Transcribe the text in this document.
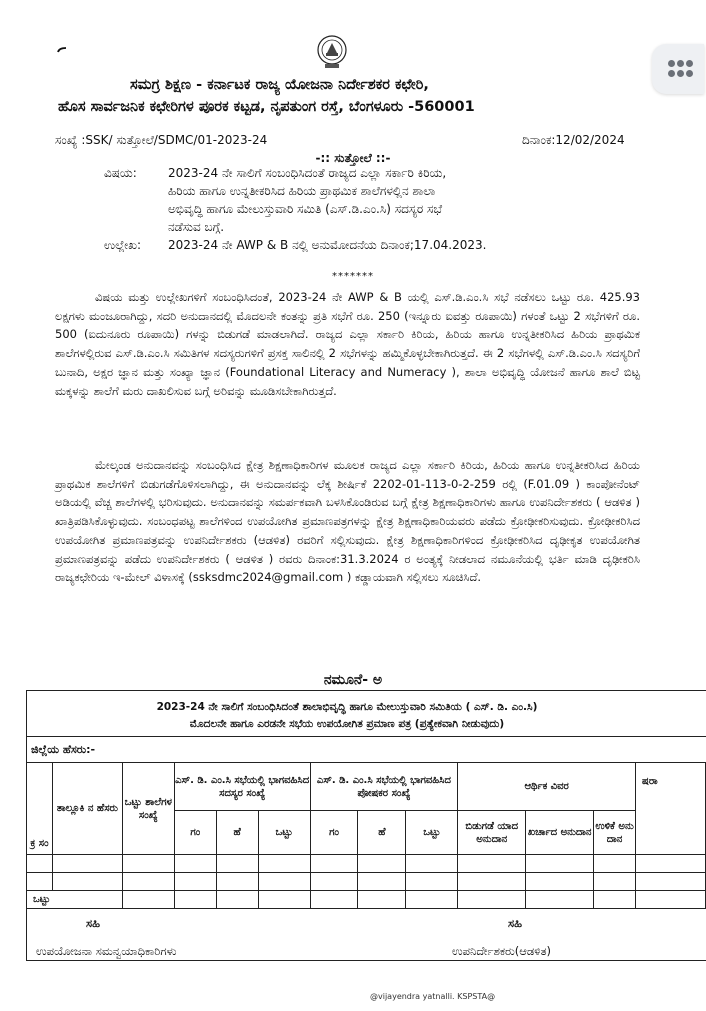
ಸಮಗ್ರ ಶಿಕ್ಷಣ - ಕರ್ನಾಟಕ ರಾಜ್ಯ ಯೋಜನಾ ನಿರ್ದೇಶಕರ ಕಛೇರಿ,
ಹೊಸ ಸಾರ್ವಜನಿಕ ಕಛೇರಿಗಳ ಪೂರಕ ಕಟ್ಟಡ, ನೃಪತುಂಗ ರಸ್ತೆ, ಬೆಂಗಳೂರು -560001
ಸಂಖ್ಯೆ :SSK/ ಸುತ್ತೋಲೆ/SDMC/01-2023-24	ದಿನಾಂಕ:12/02/2024
-:: ಸುತ್ತೋಲೆ ::-
ವಿಷಯ:	2023-24 ನೇ ಸಾಲಿಗೆ ಸಂಬಂಧಿಸಿದಂತೆ ರಾಜ್ಯದ ಎಲ್ಲಾ ಸರ್ಕಾರಿ ಕಿರಿಯ,
ಹಿರಿಯ ಹಾಗೂ ಉನ್ನತೀಕರಿಸಿದ ಹಿರಿಯ ಪ್ರಾಥಮಿಕ ಶಾಲೆಗಳಲ್ಲಿನ ಶಾಲಾ
ಅಭಿವೃದ್ಧಿ ಹಾಗೂ ಮೇಲುಸ್ತುವಾರಿ ಸಮಿತಿ (ಎಸ್.ಡಿ.ಎಂ.ಸಿ) ಸದಸ್ಯರ ಸಭೆ
ನಡೆಸುವ ಬಗ್ಗೆ.
ಉಲ್ಲೇಖ: 2023-24 ನೇ AWP & B ನಲ್ಲಿ ಅನುಮೋದನೆಯ ದಿನಾಂಕ;17.04.2023.
*******

ವಿಷಯ ಮತ್ತು ಉಲ್ಲೇಖಗಳಿಗೆ ಸಂಬಂಧಿಸಿದಂತೆ, 2023-24 ನೇ AWP & B ಯಲ್ಲಿ ಎಸ್.ಡಿ.ಎಂ.ಸಿ ಸಭೆ ನಡೆಸಲು ಒಟ್ಟು ರೂ. 425.93 ಲಕ್ಷಗಳು ಮಂಜೂರಾಗಿದ್ದು, ಸದರಿ ಅನುದಾನದಲ್ಲಿ ಮೊದಲನೇ ಕಂತನ್ನು ಪ್ರತಿ ಸಭೆಗೆ ರೂ. 250 (ಇನ್ನೂರು ಐವತ್ತು ರೂಪಾಯಿ) ಗಳಂತೆ ಒಟ್ಟು 2 ಸಭೆಗಳಿಗೆ ರೂ. 500 (ಐದುನೂರು ರೂಪಾಯಿ) ಗಳನ್ನು ಬಿಡುಗಡೆ ಮಾಡಲಾಗಿದೆ. ರಾಜ್ಯದ ಎಲ್ಲಾ ಸರ್ಕಾರಿ ಕಿರಿಯ, ಹಿರಿಯ ಹಾಗೂ ಉನ್ನತೀಕರಿಸಿದ ಹಿರಿಯ ಪ್ರಾಥಮಿಕ ಶಾಲೆಗಳಲ್ಲಿರುವ ಎಸ್.ಡಿ.ಎಂ.ಸಿ ಸಮಿತಿಗಳ ಸದಸ್ಯರುಗಳಿಗೆ ಪ್ರಸಕ್ತ ಸಾಲಿನಲ್ಲಿ 2 ಸಭೆಗಳನ್ನು ಹಮ್ಮಿಕೊಳ್ಳಬೇಕಾಗಿರುತ್ತದೆ. ಈ 2 ಸಭೆಗಳಲ್ಲಿ ಎಸ್.ಡಿ.ಎಂ.ಸಿ ಸದಸ್ಯರಿಗೆ ಬುನಾದಿ, ಅಕ್ಷರ ಜ್ಞಾನ ಮತ್ತು ಸಂಖ್ಯಾ ಜ್ಞಾನ (Foundational Literacy and Numeracy ), ಶಾಲಾ ಅಭಿವೃದ್ಧಿ ಯೋಜನೆ ಹಾಗೂ ಶಾಲೆ ಬಿಟ್ಟ ಮಕ್ಕಳನ್ನು ಶಾಲೆಗೆ ಮರು ದಾಖಲಿಸುವ ಬಗ್ಗೆ ಅರಿವನ್ನು ಮೂಡಿಸಬೇಕಾಗಿರುತ್ತದೆ.

ಮೇಲ್ಕಂಡ ಅನುದಾನವನ್ನು ಸಂಬಂಧಿಸಿದ ಕ್ಷೇತ್ರ ಶಿಕ್ಷಣಾಧಿಕಾರಿಗಳ ಮೂಲಕ ರಾಜ್ಯದ ಎಲ್ಲಾ ಸರ್ಕಾರಿ ಕಿರಿಯ, ಹಿರಿಯ ಹಾಗೂ ಉನ್ನತೀಕರಿಸಿದ ಹಿರಿಯ ಪ್ರಾಥಮಿಕ ಶಾಲೆಗಳಿಗೆ ಬಿಡುಗಡೆಗೊಳಿಸಲಾಗಿದ್ದು, ಈ ಅನುದಾನವನ್ನು ಲೆಕ್ಕ ಶೀರ್ಷಿಕೆ 2202-01-113-0-2-259 ರಲ್ಲಿ (F.01.09 ) ಕಾಂಪೋನೆಂಟ್ ಅಡಿಯಲ್ಲಿ ವೆಚ್ಚ ಶಾಲೆಗಳಲ್ಲಿ ಭರಿಸುವುದು. ಅನುದಾನವನ್ನು ಸಮರ್ಪಕವಾಗಿ ಬಳಸಿಕೊಂಡಿರುವ ಬಗ್ಗೆ ಕ್ಷೇತ್ರ ಶಿಕ್ಷಣಾಧಿಕಾರಿಗಳು ಹಾಗೂ ಉಪನಿರ್ದೇಶಕರು ( ಆಡಳಿತ ) ಖಾತ್ರಿಪಡಿಸಿಕೊಳ್ಳುವುದು. ಸಂಬಂಧಪಟ್ಟ ಶಾಲೆಗಳಿಂದ ಉಪಯೋಗಿತ ಪ್ರಮಾಣಪತ್ರಗಳನ್ನು ಕ್ಷೇತ್ರ ಶಿಕ್ಷಣಾಧಿಕಾರಿಯವರು ಪಡೆದು ಕ್ರೋಢೀಕರಿಸುವುದು. ಕ್ರೋಢೀಕರಿಸಿದ ಉಪಯೋಗಿತ ಪ್ರಮಾಣಪತ್ರವನ್ನು ಉಪನಿರ್ದೇಶಕರು (ಆಡಳಿತ) ರವರಿಗೆ ಸಲ್ಲಿಸುವುದು. ಕ್ಷೇತ್ರ ಶಿಕ್ಷಣಾಧಿಕಾರಿಗಳಿಂದ ಕ್ರೋಢೀಕರಿಸಿದ ದೃಢೀಕೃತ ಉಪಯೋಗಿತ ಪ್ರಮಾಣಪತ್ರವನ್ನು ಪಡೆದು ಉಪನಿರ್ದೇಶಕರು ( ಆಡಳಿತ ) ರವರು ದಿನಾಂಕ:31.3.2024 ರ ಅಂತ್ಯಕ್ಕೆ ನೀಡಲಾದ ನಮೂನೆಯಲ್ಲಿ ಭರ್ತಿ ಮಾಡಿ ದೃಢೀಕರಿಸಿ ರಾಜ್ಯಕಛೇರಿಯ ಇ-ಮೇಲ್ ವಿಳಾಸಕ್ಕೆ (ssksdmc2024@gmail.com ) ಕಡ್ಡಾಯವಾಗಿ ಸಲ್ಲಿಸಲು ಸೂಚಿಸಿದೆ.

ನಮೂನೆ- ಅ
2023-24 ನೇ ಸಾಲಿಗೆ ಸಂಬಂಧಿಸಿದಂತೆ ಶಾಲಾಭಿವೃದ್ಧಿ ಹಾಗೂ ಮೇಲುಸ್ತುವಾರಿ ಸಮಿತಿಯ ( ಎಸ್. ಡಿ. ಎಂ.ಸಿ)
ಮೊದಲನೇ ಹಾಗೂ ಎರಡನೇ ಸಭೆಯ ಉಪಯೋಗಿತ ಪ್ರಮಾಣ ಪತ್ರ (ಪ್ರತ್ಯೇಕವಾಗಿ ನೀಡುವುದು)
ಜಿಲ್ಲೆಯ ಹೆಸರು:-
ಕ್ರ ಸಂ	ತಾಲ್ಲೂಕಿ ನ ಹೆಸರು	ಒಟ್ಟು ಶಾಲೆಗಳ ಸಂಖ್ಯೆ	ಎಸ್. ಡಿ. ಎಂ.ಸಿ ಸಭೆಯಲ್ಲಿ ಭಾಗವಹಿಸಿದ ಸದಸ್ಯರ ಸಂಖ್ಯೆ			ಎಸ್. ಡಿ. ಎಂ.ಸಿ ಸಭೆಯಲ್ಲಿ ಭಾಗವಹಿಸಿದ ಪೋಷಕರ ಸಂಖ್ಯೆ			ಆರ್ಥಿಕ ವಿವರ			ಷರಾ
			ಗಂ	ಹೆ	ಒಟ್ಟು	ಗಂ	ಹೆ	ಒಟ್ಟು	ಬಿಡುಗಡೆ ಯಾದ ಅನುದಾನ	ಖರ್ಚಾದ ಅನುದಾನ	ಉಳಿಕೆ ಅನು ದಾನ	

ಒಟ್ಟು												
ಸಹಿ	ಸಹಿ
ಉಪಯೋಜನಾ ಸಮನ್ವಯಾಧಿಕಾರಿಗಳು	ಉಪನಿರ್ದೇಶಕರು(ಆಡಳಿತ)
@vijayendra yatnalli. KSPSTA@
